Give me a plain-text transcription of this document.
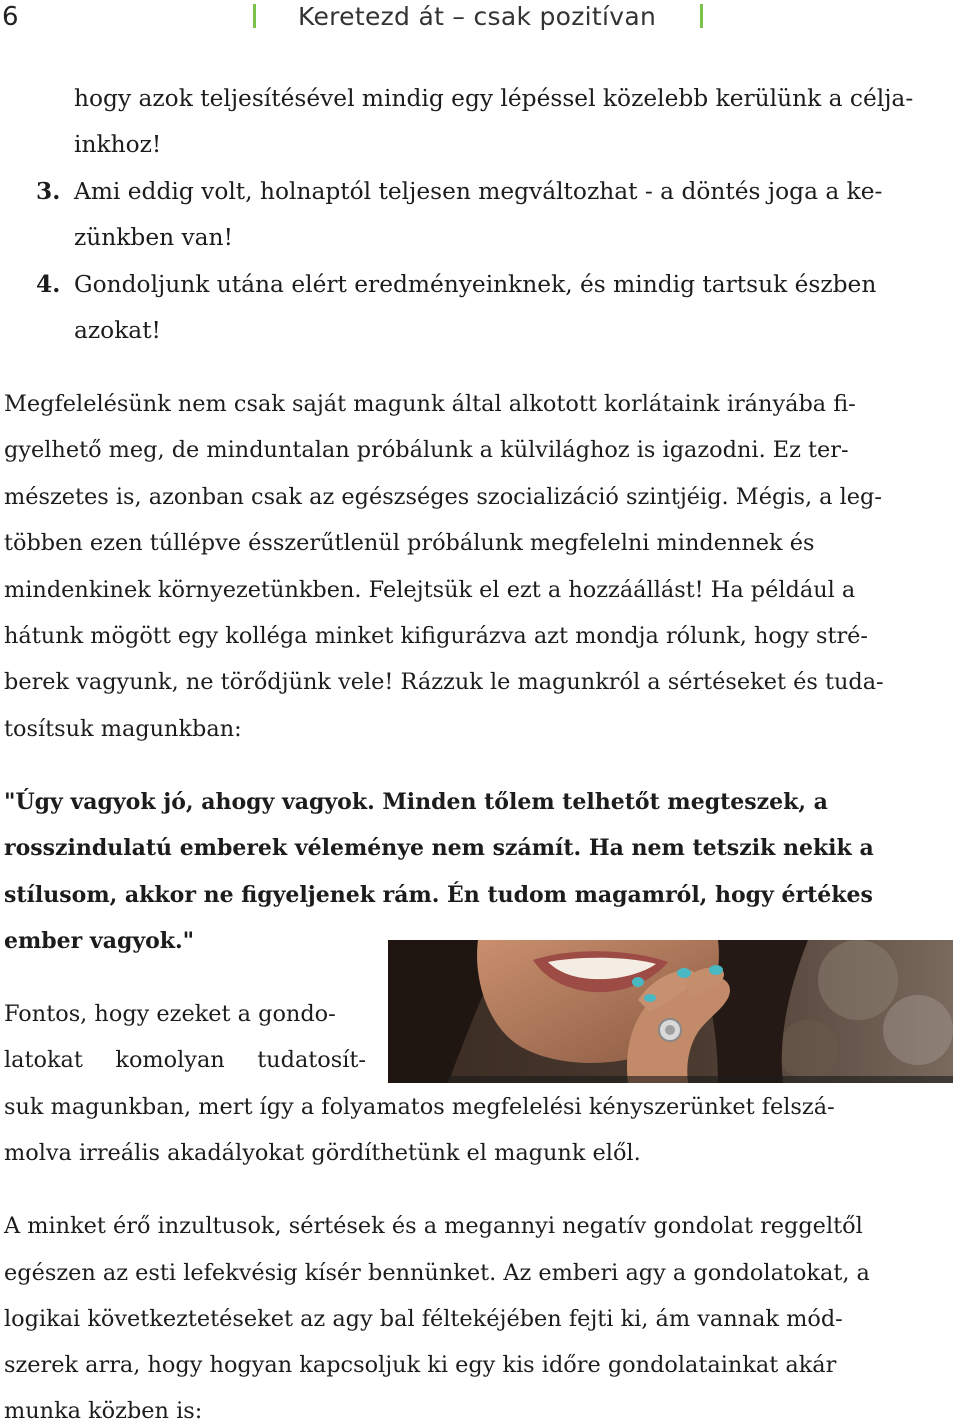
6	Keretezd át – csak pozitívan
hogy azok teljesítésével mindig egy lépéssel közelebb kerülünk a célja-
inkhoz!
3. Ami eddig volt, holnaptól teljesen megváltozhat - a döntés joga a ke-
zünkben van!
4. Gondoljunk utána elért eredményeinknek, és mindig tartsuk észben
azokat!
Megfelelésünk nem csak saját magunk által alkotott korlátaink irányába fi-
gyelhető meg, de minduntalan próbálunk a külvilághoz is igazodni. Ez ter-
mészetes is, azonban csak az egészséges szocializáció szintjéig. Mégis, a leg-
többen ezen túllépve ésszerűtlenül próbálunk megfelelni mindennek és
mindenkinek környezetünkben. Felejtsük el ezt a hozzáállást! Ha például a
hátunk mögött egy kolléga minket kifigurázva azt mondja rólunk, hogy stré-
berek vagyunk, ne törődjünk vele! Rázzuk le magunkról a sértéseket és tuda-
tosítsuk magunkban:
"Úgy vagyok jó, ahogy vagyok. Minden tőlem telhetőt megteszek, a
rosszindulatú emberek véleménye nem számít. Ha nem tetszik nekik a
stílusom, akkor ne figyeljenek rám. Én tudom magamról, hogy értékes
ember vagyok."
Fontos, hogy ezeket a gondo-
latokat komolyan tudatosít-
suk magunkban, mert így a folyamatos megfelelési kényszerünket felszá-
molva irreális akadályokat gördíthetünk el magunk elől.
A minket érő inzultusok, sértések és a megannyi negatív gondolat reggeltől
egészen az esti lefekvésig kísér bennünket. Az emberi agy a gondolatokat, a
logikai következtetéseket az agy bal féltekéjében fejti ki, ám vannak mód-
szerek arra, hogy hogyan kapcsoljuk ki egy kis időre gondolatainkat akár
munka közben is:
